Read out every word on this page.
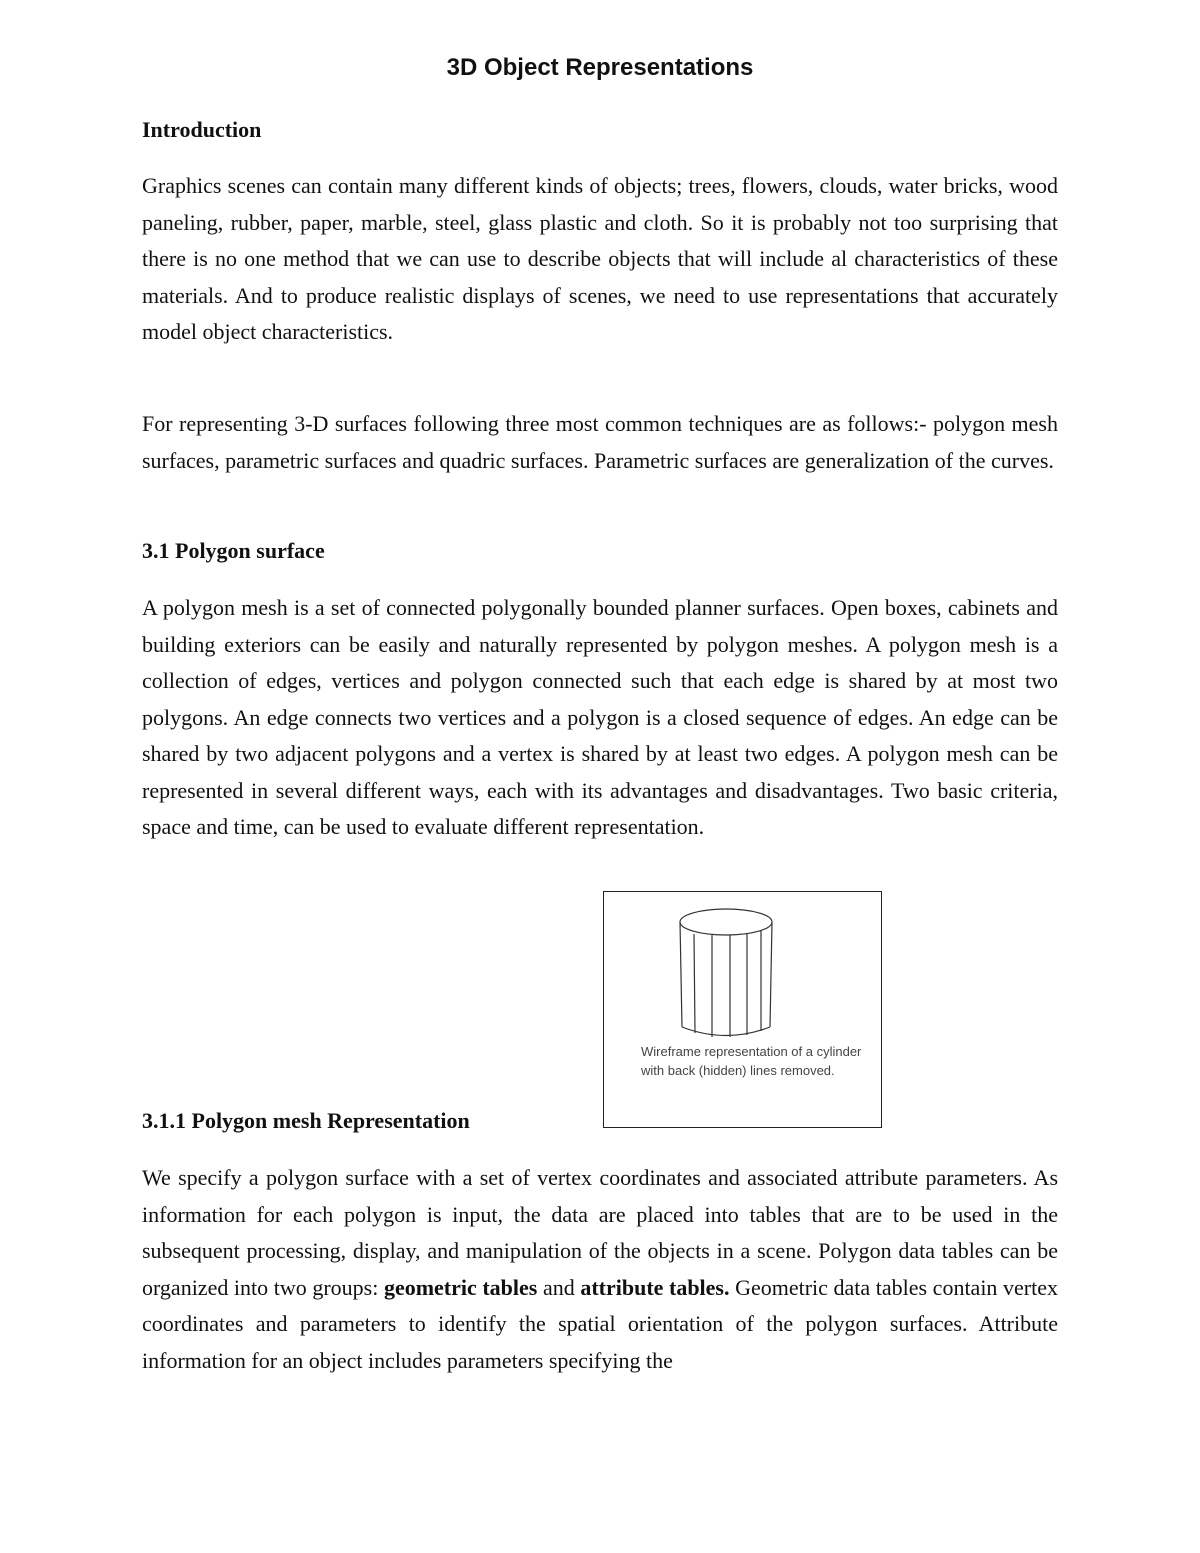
3D Object Representations
Introduction

Graphics scenes can contain many different kinds of objects; trees, flowers, clouds, water bricks, wood paneling, rubber, paper, marble, steel, glass plastic and cloth. So it is probably not too surprising that there is no one method that we can use to describe objects that will include al characteristics of these materials. And to produce realistic displays of scenes, we need to use representations that accurately model object characteristics.

For representing 3-D surfaces following three most common techniques are as follows:- polygon mesh surfaces, parametric surfaces and quadric surfaces. Parametric surfaces are generalization of the curves.

3.1 Polygon surface

A polygon mesh is a set of connected polygonally bounded planner surfaces. Open boxes, cabinets and building exteriors can be easily and naturally represented by polygon meshes. A polygon mesh is a collection of edges, vertices and polygon connected such that each edge is shared by at most two polygons. An edge connects two vertices and a polygon is a closed sequence of edges. An edge can be shared by two adjacent polygons and a vertex is shared by at least two edges. A polygon mesh can be represented in several different ways, each with its advantages and disadvantages. Two basic criteria, space and time, can be used to evaluate different representation.

Wireframe representation of a cylinder with back (hidden) lines removed.
3.1.1 Polygon mesh Representation

We specify a polygon surface with a set of vertex coordinates and associated attribute parameters. As information for each polygon is input, the data are placed into tables that are to be used in the subsequent processing, display, and manipulation of the objects in a scene. Polygon data tables can be organized into two groups: geometric tables and attribute tables. Geometric data tables contain vertex coordinates and parameters to identify the spatial orientation of the polygon surfaces. Attribute information for an object includes parameters specifying the
